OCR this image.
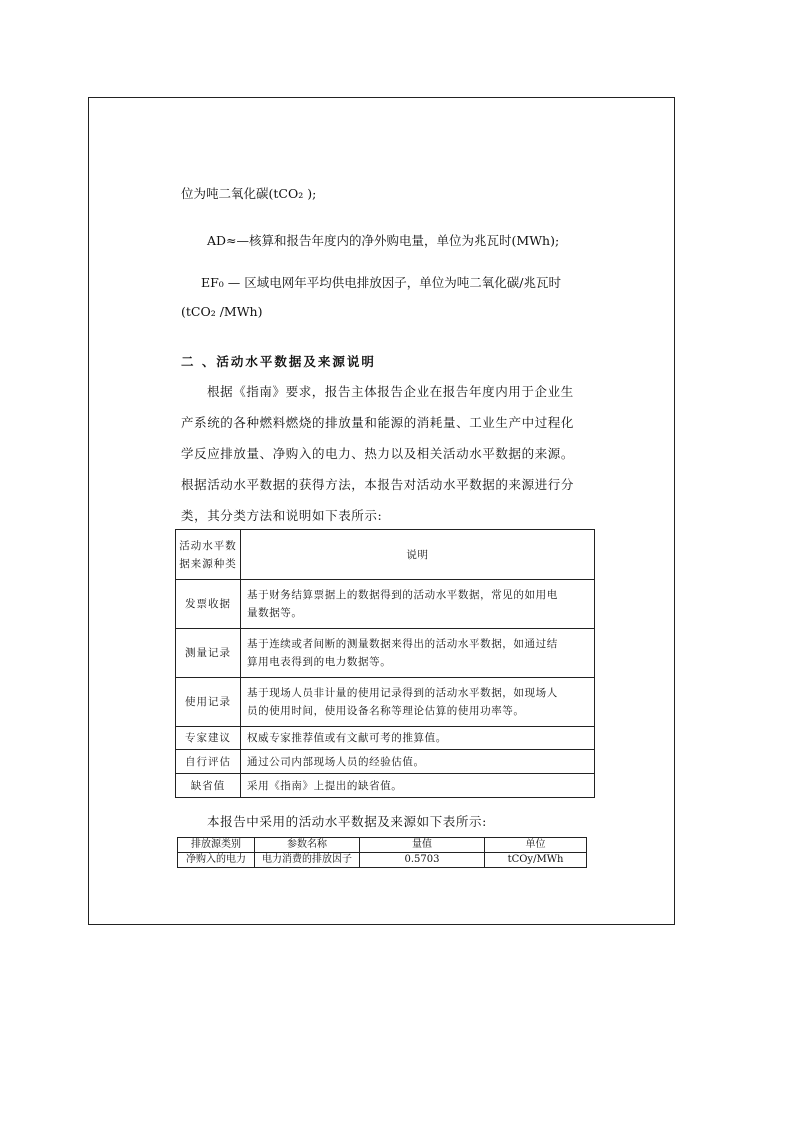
位为吨二氧化碳(tCO₂ );
AD≈—核算和报告年度内的净外购电量，单位为兆瓦时(MWh);
EF₀ — 区域电网年平均供电排放因子，单位为吨二氧化碳/兆瓦时
(tCO₂ /MWh)
二 、活动水平数据及来源说明
根据《指南》要求，报告主体报告企业在报告年度内用于企业生
产系统的各种燃料燃烧的排放量和能源的消耗量、工业生产中过程化
学反应排放量、净购入的电力、热力以及相关活动水平数据的来源。
根据活动水平数据的获得方法，本报告对活动水平数据的来源进行分
类，其分类方法和说明如下表所示:
活动水平数
据来源种类	说明
发票收据	基于财务结算票据上的数据得到的活动水平数据，常见的如用电
量数据等。

测量记录	基于连续或者间断的测量数据来得出的活动水平数据，如通过结
算用电表得到的电力数据等。

使用记录	基于现场人员非计量的使用记录得到的活动水平数据，如现场人
员的使用时间，使用设备名称等理论估算的使用功率等。

专家建议	权威专家推荐值或有文献可考的推算值。
自行评估	通过公司内部现场人员的经验估值。
缺省值	采用《指南》上提出的缺省值。
本报告中采用的活动水平数据及来源如下表所示:
排放源类别	参数名称	量值	单位
净购入的电力	电力消费的排放因子	0.5703	tCOy/MWh
